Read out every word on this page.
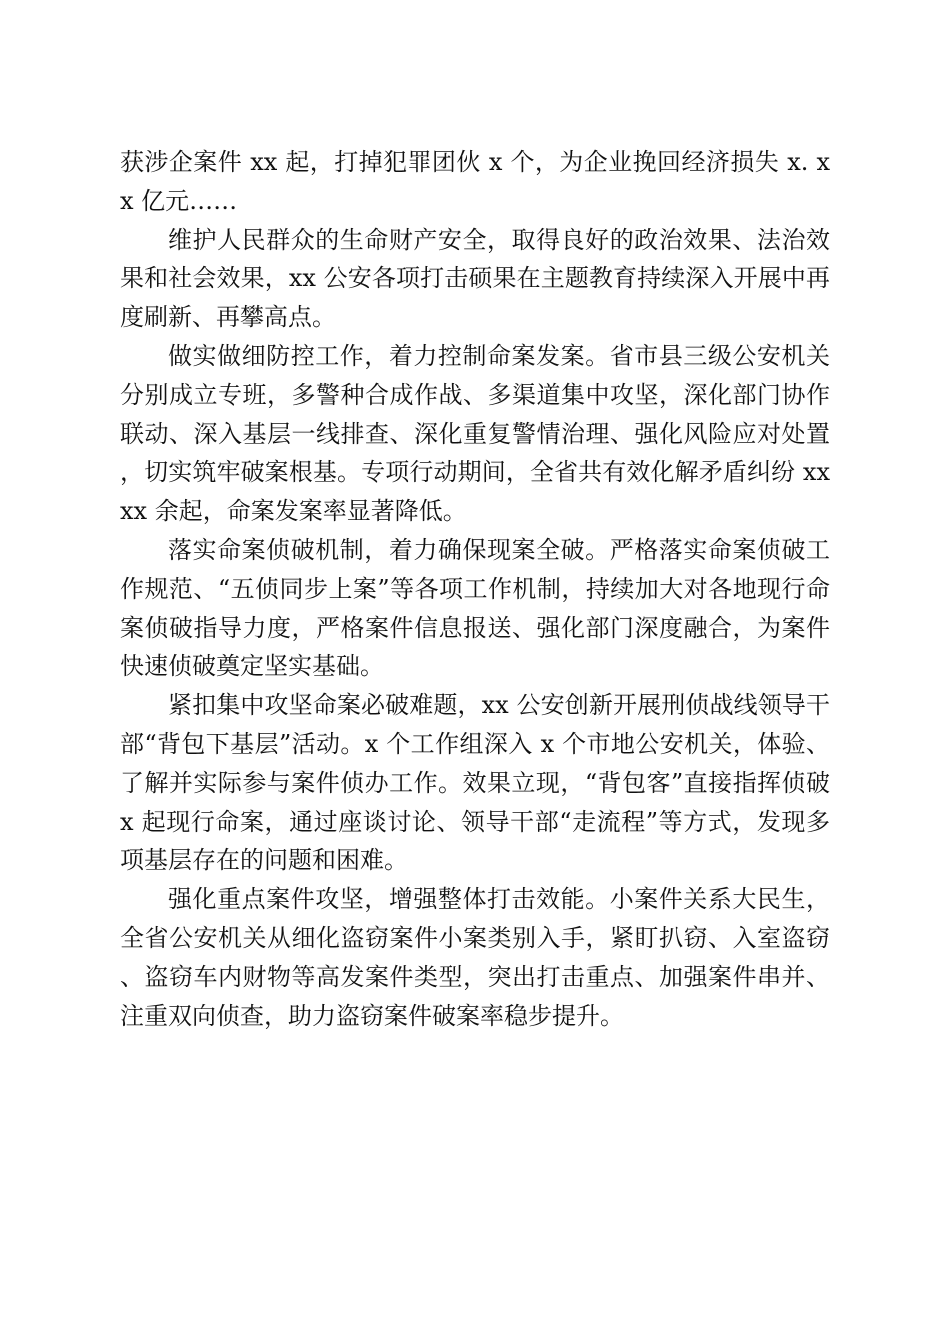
获涉企案件 xx 起，打掉犯罪团伙 x 个，为企业挽回经济损失 x. xx 亿元……

维护人民群众的生命财产安全，取得良好的政治效果、法治效果和社会效果，xx 公安各项打击硕果在主题教育持续深入开展中再度刷新、再攀高点。

做实做细防控工作，着力控制命案发案。省市县三级公安机关分别成立专班，多警种合成作战、多渠道集中攻坚，深化部门协作联动、深入基层一线排查、深化重复警情治理、强化风险应对处置，切实筑牢破案根基。专项行动期间，全省共有效化解矛盾纠纷 xxxx 余起，命案发案率显著降低。

落实命案侦破机制，着力确保现案全破。严格落实命案侦破工作规范、“五侦同步上案”等各项工作机制，持续加大对各地现行命案侦破指导力度，严格案件信息报送、强化部门深度融合，为案件快速侦破奠定坚实基础。

紧扣集中攻坚命案必破难题，xx 公安创新开展刑侦战线领导干部“背包下基层”活动。x 个工作组深入 x 个市地公安机关，体验、了解并实际参与案件侦办工作。效果立现，“背包客”直接指挥侦破 x 起现行命案，通过座谈讨论、领导干部“走流程”等方式，发现多项基层存在的问题和困难。

强化重点案件攻坚，增强整体打击效能。小案件关系大民生，全省公安机关从细化盗窃案件小案类别入手，紧盯扒窃、入室盗窃、盗窃车内财物等高发案件类型，突出打击重点、加强案件串并、注重双向侦查，助力盗窃案件破案率稳步提升。
